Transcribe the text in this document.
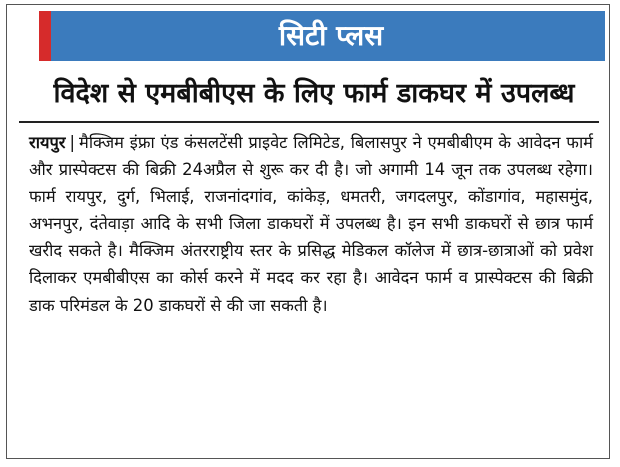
सिटी प्लस
विदेश से एमबीबीएस के लिए फार्म डाकघर में उपलब्ध
रायपुर | मैक्जिम इंफ्रा एंड कंसलटेंसी प्राइवेट लिमिटेड, बिलासपुर ने एमबीबीएम के आवेदन फार्म और प्रास्पेक्टस की बिक्री 24अप्रैल से शुरू कर दी है। जो अगामी 14 जून तक उपलब्ध रहेगा। फार्म रायपुर, दुर्ग, भिलाई, राजनांदगांव, कांकेड़, धमतरी, जगदलपुर, कोंडागांव, महासमुंद, अभनपुर, दंतेवाड़ा आदि के सभी जिला डाकघरों में उपलब्ध है। इन सभी डाकघरों से छात्र फार्म खरीद सकते है। मैक्जिम अंतरराष्ट्रीय स्तर के प्रसिद्ध मेडिकल कॉलेज में छात्र-छात्राओं को प्रवेश दिलाकर एमबीबीएस का कोर्स करने में मदद कर रहा है। आवेदन फार्म व प्रास्पेक्टस की बिक्री डाक परिमंडल के 20 डाकघरों से की जा सकती है।
